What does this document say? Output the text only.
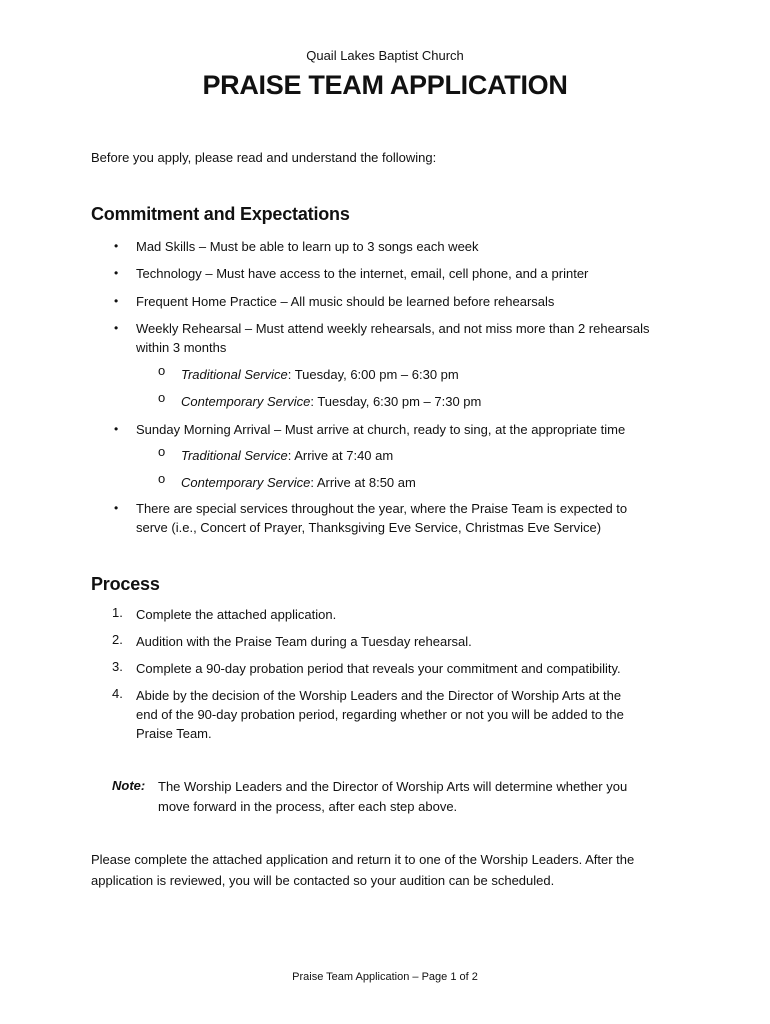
Quail Lakes Baptist Church
PRAISE TEAM APPLICATION
Before you apply, please read and understand the following:
Commitment and Expectations
•	Mad Skills – Must be able to learn up to 3 songs each week
•	Technology – Must have access to the internet, email, cell phone, and a printer
•	Frequent Home Practice – All music should be learned before rehearsals
•	Weekly Rehearsal – Must attend weekly rehearsals, and not miss more than 2 rehearsals
within 3 months
o	Traditional Service: Tuesday, 6:00 pm – 6:30 pm
o	Contemporary Service: Tuesday, 6:30 pm – 7:30 pm
•	Sunday Morning Arrival – Must arrive at church, ready to sing, at the appropriate time
o	Traditional Service: Arrive at 7:40 am
o	Contemporary Service: Arrive at 8:50 am
•	There are special services throughout the year, where the Praise Team is expected to
serve (i.e., Concert of Prayer, Thanksgiving Eve Service, Christmas Eve Service)
Process
1.	Complete the attached application.
2.	Audition with the Praise Team during a Tuesday rehearsal.
3.	Complete a 90-day probation period that reveals your commitment and compatibility.
4.	Abide by the decision of the Worship Leaders and the Director of Worship Arts at the
end of the 90-day probation period, regarding whether or not you will be added to the
Praise Team.
Note: The Worship Leaders and the Director of Worship Arts will determine whether you
move forward in the process, after each step above.
Please complete the attached application and return it to one of the Worship Leaders. After the
application is reviewed, you will be contacted so your audition can be scheduled.
Praise Team Application – Page 1 of 2
